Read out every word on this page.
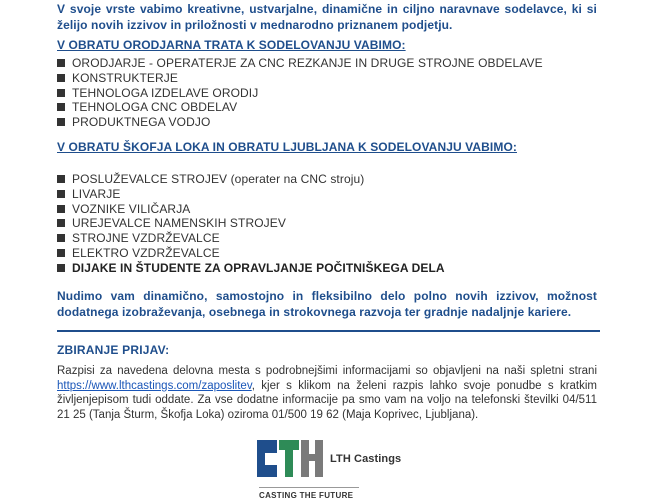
V svoje vrste vabimo kreativne, ustvarjalne, dinamične in ciljno naravnave sodelavce, ki si želijo novih izzivov in priložnosti v mednarodno priznanem podjetju.
V OBRATU ORODJARNA TRATA K SODELOVANJU VABIMO:
ORODJARJE - OPERATERJE ZA CNC REZKANJE IN DRUGE STROJNE OBDELAVE
KONSTRUKTERJE
TEHNOLOGA IZDELAVE ORODIJ
TEHNOLOGA CNC OBDELAV
PRODUKTNEGA VODJO
V OBRATU ŠKOFJA LOKA IN OBRATU LJUBLJANA K SODELOVANJU VABIMO:
POSLUŽEVALCE STROJEV (operater na CNC stroju)
LIVARJE
VOZNIKE VILIČARJA
UREJEVALCE NAMENSKIH STROJEV
STROJNE VZDRŽEVALCE
ELEKTRO VZDRŽEVALCE
DIJAKE IN ŠTUDENTE ZA OPRAVLJANJE POČITNIŠKEGA DELA
Nudimo vam dinamično, samostojno in fleksibilno delo polno novih izzivov, možnost dodatnega izobraževanja, osebnega in strokovnega razvoja ter gradnje nadaljnje kariere.
ZBIRANJE PRIJAV:
Razpisi za navedena delovna mesta s podrobnejšimi informacijami so objavljeni na naši spletni strani https://www.lthcastings.com/zaposlitev, kjer s klikom na želeni razpis lahko svoje ponudbe s kratkim življenjepisom tudi oddate. Za vse dodatne informacije pa smo vam na voljo na telefonski številki 04/511 21 25 (Tanja Šturm, Škofja Loka) oziroma 01/500 19 62 (Maja Koprivec, Ljubljana).
LTH Castings
CASTING THE FUTURE
